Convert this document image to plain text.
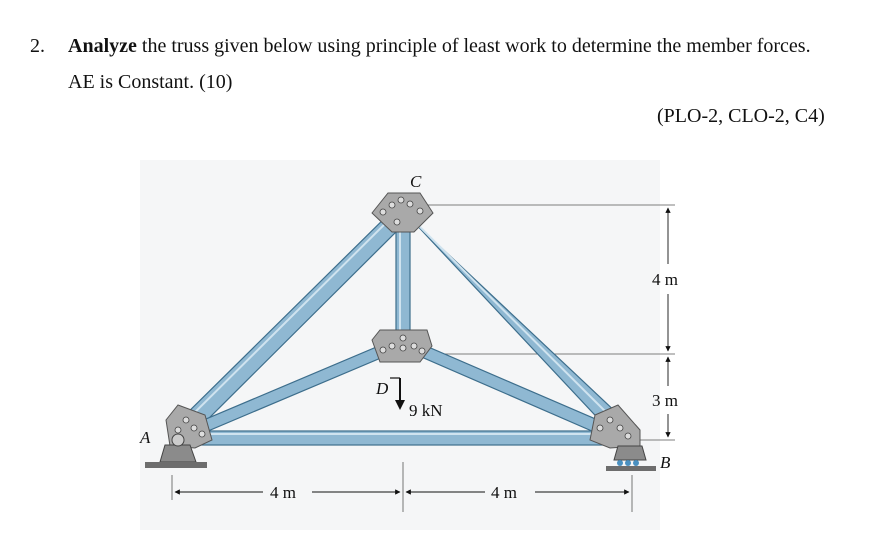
2. Analyze the truss given below using principle of least work to determine the member forces.
AE is Constant. (10)
(PLO-2, CLO-2, C4)
C
D
A
B
9 kN
4 m	4 m
4 m
3 m
